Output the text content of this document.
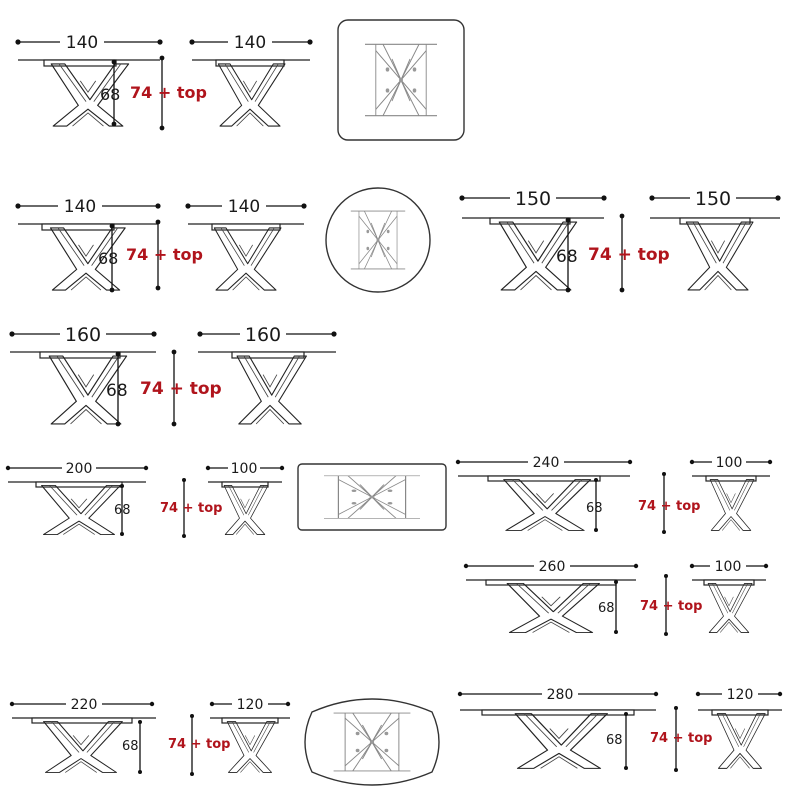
140
68 74 + top
140
140
68 74 + top
140	150
68 74 + top
150
160
68 74 + top
160
200
68 74 + top
100	240
68	74 + top
100
260
68 74 + top
100
220
68 74 + top
120
280
68 74 + top
120
